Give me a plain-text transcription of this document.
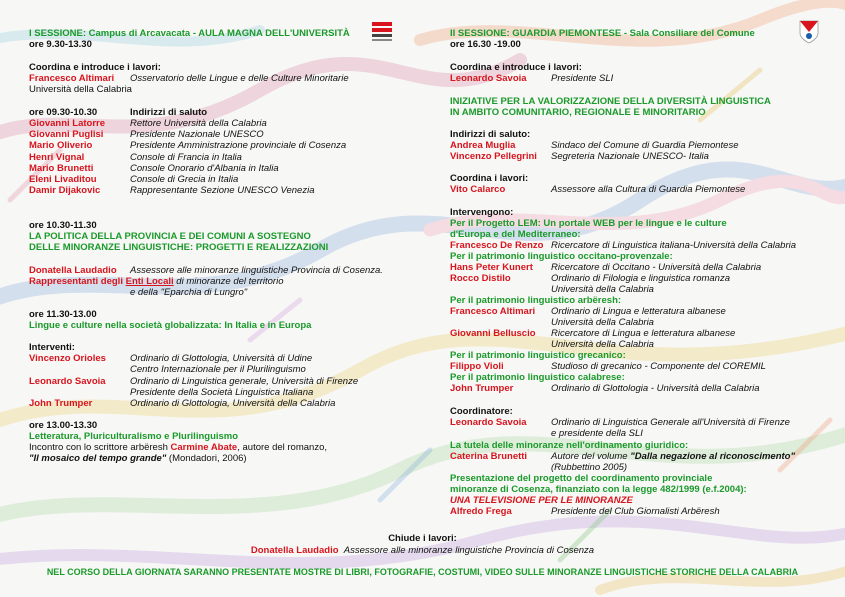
I SESSIONE: Campus di Arcavacata - AULA MAGNA DELL'UNIVERSITÀ
ore 9.30-13.30
Coordina e introduce i lavori:
Francesco Altimari Osservatorio delle Lingue e delle Culture Minoritarie
Università della Calabria
ore 09.30-10.30	Indirizzi di saluto
Giovanni Latorre	Rettore Università della Calabria
Giovanni Puglisi	Presidente Nazionale UNESCO
Mario Oliverio	Presidente Amministrazione provinciale di Cosenza
Henri Vignal	Console di Francia in Italia
Mario Brunetti	Console Onorario d'Albania in Italia
Eleni Livaditou	Console di Grecia in Italia
Damir Dijakovic	Rappresentante Sezione UNESCO Venezia
ore 10.30-11.30
LA POLITICA DELLA PROVINCIA E DEI COMUNI A SOSTEGNO
DELLE MINORANZE LINGUISTICHE: PROGETTI E REALIZZAZIONI
Donatella Laudadio Assessore alle minoranze linguistiche Provincia di Cosenza.
Rappresentanti degli Enti Locali di minoranze del territorio
e della "Eparchia di Lungro"
ore 11.30-13.00
Lingue e culture nella società globalizzata: In Italia e in Europa
Interventi:
Vincenzo Orioles	Ordinario di Glottologia, Università di Udine
Centro Internazionale per il Plurilinguismo
Leonardo Savoia	Ordinario di Linguistica generale, Università di Firenze
Presidente della Società Linguistica Italiana
John Trumper	Ordinario di Glottologia, Università della Calabria
ore 13.00-13.30
Letteratura, Pluriculturalismo e Plurilinguismo
Incontro con lo scrittore arbëresh Carmine Abate, autore del romanzo,
"Il mosaico del tempo grande" (Mondadori, 2006)
II SESSIONE: GUARDIA PIEMONTESE - Sala Consiliare del Comune
ore 16.30 -19.00
Coordina e introduce i lavori:
Leonardo Savoia	Presidente SLI
INIZIATIVE PER LA VALORIZZAZIONE DELLA DIVERSITÀ LINGUISTICA
IN AMBITO COMUNITARIO, REGIONALE E MINORITARIO
Indirizzi di saluto:
Andrea Muglia	Sindaco del Comune di Guardia Piemontese
Vincenzo Pellegrini Segreteria Nazionale UNESCO- Italia
Coordina i lavori:
Vito Calarco	Assessore alla Cultura di Guardia Piemontese
Intervengono:
Per il Progetto LEM: Un portale WEB per le lingue e le culture
d'Europa e del Mediterraneo:
Francesco De Renzo Ricercatore di Linguistica italiana-Università della Calabria
Per il patrimonio linguistico occitano-provenzale:
Hans Peter Kunert Ricercatore di Occitano - Università della Calabria
Rocco Distilo	Ordinario di Filologia e linguistica romanza
Università della Calabria
Per il patrimonio linguistico arbëresh:
Francesco Altimari Ordinario di Lingua e letteratura albanese
Università della Calabria
Giovanni Belluscio Ricercatore di Lingua e letteratura albanese
Università della Calabria
Per il patrimonio linguistico grecanico:
Filippo Violi	Studioso di grecanico - Componente del COREMIL
Per il patrimonio linguistico calabrese:
John Trumper	Ordinario di Glottologia - Università della Calabria
Coordinatore:
Leonardo Savoia	Ordinario di Linguistica Generale all'Università di Firenze
e presidente della SLI
La tutela delle minoranze nell'ordinamento giuridico:
Caterina Brunetti	Autore del volume "Dalla negazione al riconoscimento"
(Rubbettino 2005)
Presentazione del progetto del coordinamento provinciale
minoranze di Cosenza, finanziato con la legge 482/1999 (e.f.2004):
UNA TELEVISIONE PER LE MINORANZE
Alfredo Frega	Presidente del Club Giornalisti Arbëresh
Chiude i lavori:
Donatella Laudadio Assessore alle minoranze linguistiche Provincia di Cosenza
NEL CORSO DELLA GIORNATA SARANNO PRESENTATE MOSTRE DI LIBRI, FOTOGRAFIE, COSTUMI, VIDEO SULLE MINORANZE LINGUISTICHE STORICHE DELLA CALABRIA
